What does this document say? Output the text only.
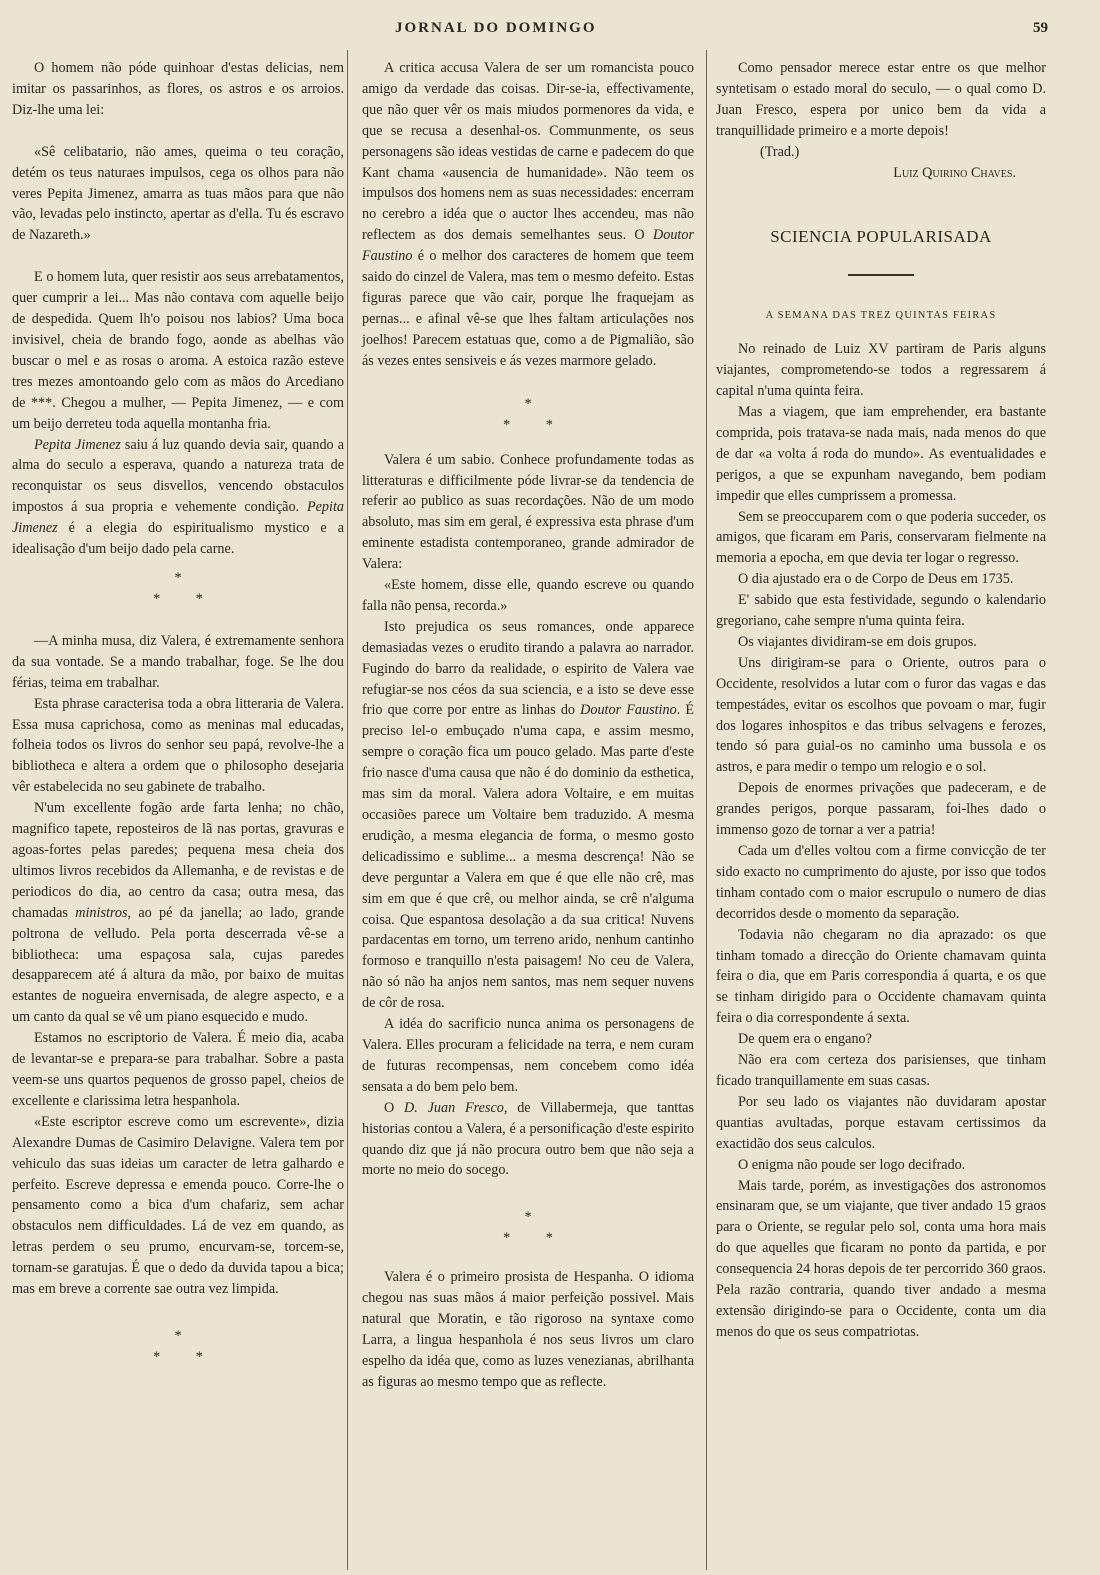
JORNAL DO DOMINGO	59

O homem não póde quinhoar d'estas delicias, nem imitar os passarinhos, as flores, os astros e os arroios. Diz-lhe uma lei:

«Sê celibatario, não ames, queima o teu coração, detém os teus naturaes impulsos, cega os olhos para não veres Pepita Jimenez, amarra as tuas mãos para que não vão, levadas pelo instincto, apertar as d'ella. Tu és escravo de Nazareth.»

E o homem luta, quer resistir aos seus arrebatamentos, quer cumprir a lei... Mas não contava com aquelle beijo de despedida. Quem lh'o poisou nos labios? Uma boca invisivel, cheia de brando fogo, aonde as abelhas vão buscar o mel e as rosas o aroma. A estoica razão esteve tres mezes amontoando gelo com as mãos do Arcediano de ***. Chegou a mulher, — Pepita Jimenez, — e com um beijo derreteu toda aquella montanha fria.

Pepita Jimenez saiu á luz quando devia sair, quando a alma do seculo a esperava, quando a natureza trata de reconquistar os seus disvellos, vencendo obstaculos impostos á sua propria e vehemente condição. Pepita Jimenez é a elegia do espiritualismo mystico e a idealisação d'um beijo dado pela carne.

*
* *

—A minha musa, diz Valera, é extremamente senhora da sua vontade. Se a mando trabalhar, foge. Se lhe dou férias, teima em trabalhar.

Esta phrase caracterisa toda a obra litteraria de Valera. Essa musa caprichosa, como as meninas mal educadas, folheia todos os livros do senhor seu papá, revolve-lhe a bibliotheca e altera a ordem que o philosopho desejaria vêr estabelecida no seu gabinete de trabalho.

N'um excellente fogão arde farta lenha; no chão, magnifico tapete, reposteiros de lã nas portas, gravuras e agoas-fortes pelas paredes; pequena mesa cheia dos ultimos livros recebidos da Allemanha, e de revistas e de periodicos do dia, ao centro da casa; outra mesa, das chamadas ministros, ao pé da janella; ao lado, grande poltrona de velludo. Pela porta descerrada vê-se a bibliotheca: uma espaçosa sala, cujas paredes desapparecem até á altura da mão, por baixo de muitas estantes de nogueira envernisada, de alegre aspecto, e a um canto da qual se vê um piano esquecido e mudo.

Estamos no escriptorio de Valera. É meio dia, acaba de levantar-se e prepara-se para trabalhar. Sobre a pasta veem-se uns quartos pequenos de grosso papel, cheios de excellente e clarissima letra hespanhola.

«Este escriptor escreve como um escrevente», dizia Alexandre Dumas de Casimiro Delavigne. Valera tem por vehiculo das suas ideias um caracter de letra galhardo e perfeito. Escreve depressa e emenda pouco. Corre-lhe o pensamento como a bica d'um chafariz, sem achar obstaculos nem difficuldades. Lá de vez em quando, as letras perdem o seu prumo, encurvam-se, torcem-se, tornam-se garatujas. É que o dedo da duvida tapou a bica; mas em breve a corrente sae outra vez limpida.

*
* *

A critica accusa Valera de ser um romancista pouco amigo da verdade das coisas. Dir-se-ia, effectivamente, que não quer vêr os mais miudos pormenores da vida, e que se recusa a desenhal-os. Communmente, os seus personagens são ideas vestidas de carne e padecem do que Kant chama «ausencia de humanidade». Não teem os impulsos dos homens nem as suas necessidades: encerram no cerebro a idéa que o auctor lhes accendeu, mas não reflectem as dos demais semelhantes seus. O Doutor Faustino é o melhor dos caracteres de homem que teem saido do cinzel de Valera, mas tem o mesmo defeito. Estas figuras parece que vão cair, porque lhe fraquejam as pernas... e afinal vê-se que lhes faltam articulações nos joelhos! Parecem estatuas que, como a de Pigmalião, são ás vezes entes sensiveis e ás vezes marmore gelado.

*
* *

Valera é um sabio. Conhece profundamente todas as litteraturas e difficilmente póde livrar-se da tendencia de referir ao publico as suas recordações. Não de um modo absoluto, mas sim em geral, é expressiva esta phrase d'um eminente estadista contemporaneo, grande admirador de Valera:

«Este homem, disse elle, quando escreve ou quando falla não pensa, recorda.»

Isto prejudica os seus romances, onde apparece demasiadas vezes o erudito tirando a palavra ao narrador. Fugindo do barro da realidade, o espirito de Valera vae refugiar-se nos céos da sua sciencia, e a isto se deve esse frio que corre por entre as linhas do Doutor Faustino. É preciso lel-o embuçado n'uma capa, e assim mesmo, sempre o coração fica um pouco gelado. Mas parte d'este frio nasce d'uma causa que não é do dominio da esthetica, mas sim da moral. Valera adora Voltaire, e em muitas occasiões parece um Voltaire bem traduzido. A mesma erudição, a mesma elegancia de forma, o mesmo gosto delicadissimo e sublime... a mesma descrença! Não se deve perguntar a Valera em que é que elle não crê, mas sim em que é que crê, ou melhor ainda, se crê n'alguma coisa. Que espantosa desolação a da sua critica! Nuvens pardacentas em torno, um terreno arido, nenhum cantinho formoso e tranquillo n'esta paisagem! No ceu de Valera, não só não ha anjos nem santos, mas nem sequer nuvens de côr de rosa.

A idéa do sacrificio nunca anima os personagens de Valera. Elles procuram a felicidade na terra, e nem curam de futuras recompensas, nem concebem como idéa sensata a do bem pelo bem.

O D. Juan Fresco, de Villabermeja, que tanttas historias contou a Valera, é a personificação d'este espirito quando diz que já não procura outro bem que não seja a morte no meio do socego.

*
* *

Valera é o primeiro prosista de Hespanha. O idioma chegou nas suas mãos á maior perfeição possivel. Mais natural que Moratin, e tão rigoroso na syntaxe como Larra, a lingua hespanhola é nos seus livros um claro espelho da idéa que, como as luzes venezianas, abrilhanta as figuras ao mesmo tempo que as reflecte.

Como pensador merece estar entre os que melhor syntetisam o estado moral do seculo, — o qual como D. Juan Fresco, espera por unico bem da vida a tranquillidade primeiro e a morte depois!

(Trad.)
Luiz Quirino Chaves.
SCIENCIA POPULARISADA
A SEMANA DAS TREZ QUINTAS FEIRAS

No reinado de Luiz XV partiram de Paris alguns viajantes, comprometendo-se todos a regressarem á capital n'uma quinta feira.

Mas a viagem, que iam emprehender, era bastante comprida, pois tratava-se nada mais, nada menos do que de dar «a volta á roda do mundo». As eventualidades e perigos, a que se expunham navegando, bem podiam impedir que elles cumprissem a promessa.

Sem se preoccuparem com o que poderia succeder, os amigos, que ficaram em Paris, conservaram fielmente na memoria a epocha, em que devia ter logar o regresso.

O dia ajustado era o de Corpo de Deus em 1735.

E' sabido que esta festividade, segundo o kalendario gregoriano, cahe sempre n'uma quinta feira.

Os viajantes dividiram-se em dois grupos.

Uns dirigiram-se para o Oriente, outros para o Occidente, resolvidos a lutar com o furor das vagas e das tempestádes, evitar os escolhos que povoam o mar, fugir dos logares inhospitos e das tribus selvagens e ferozes, tendo só para guial-os no caminho uma bussola e os astros, e para medir o tempo um relogio e o sol.

Depois de enormes privações que padeceram, e de grandes perigos, porque passaram, foi-lhes dado o immenso gozo de tornar a ver a patria!

Cada um d'elles voltou com a firme convicção de ter sido exacto no cumprimento do ajuste, por isso que todos tinham contado com o maior escrupulo o numero de dias decorridos desde o momento da separação.

Todavia não chegaram no dia aprazado: os que tinham tomado a direcção do Oriente chamavam quinta feira o dia, que em Paris correspondia á quarta, e os que se tinham dirigido para o Occidente chamavam quinta feira o dia correspondente á sexta.

De quem era o engano?

Não era com certeza dos parisienses, que tinham ficado tranquillamente em suas casas.

Por seu lado os viajantes não duvidaram apostar quantias avultadas, porque estavam certissimos da exactidão dos seus calculos.

O enigma não poude ser logo decifrado.

Mais tarde, porém, as investigações dos astronomos ensinaram que, se um viajante, que tiver andado 15 graos para o Oriente, se regular pelo sol, conta uma hora mais do que aquelles que ficaram no ponto da partida, e por consequencia 24 horas depois de ter percorrido 360 graos. Pela razão contraria, quando tiver andado a mesma extensão dirigindo-se para o Occidente, conta um dia menos do que os seus compatriotas.
